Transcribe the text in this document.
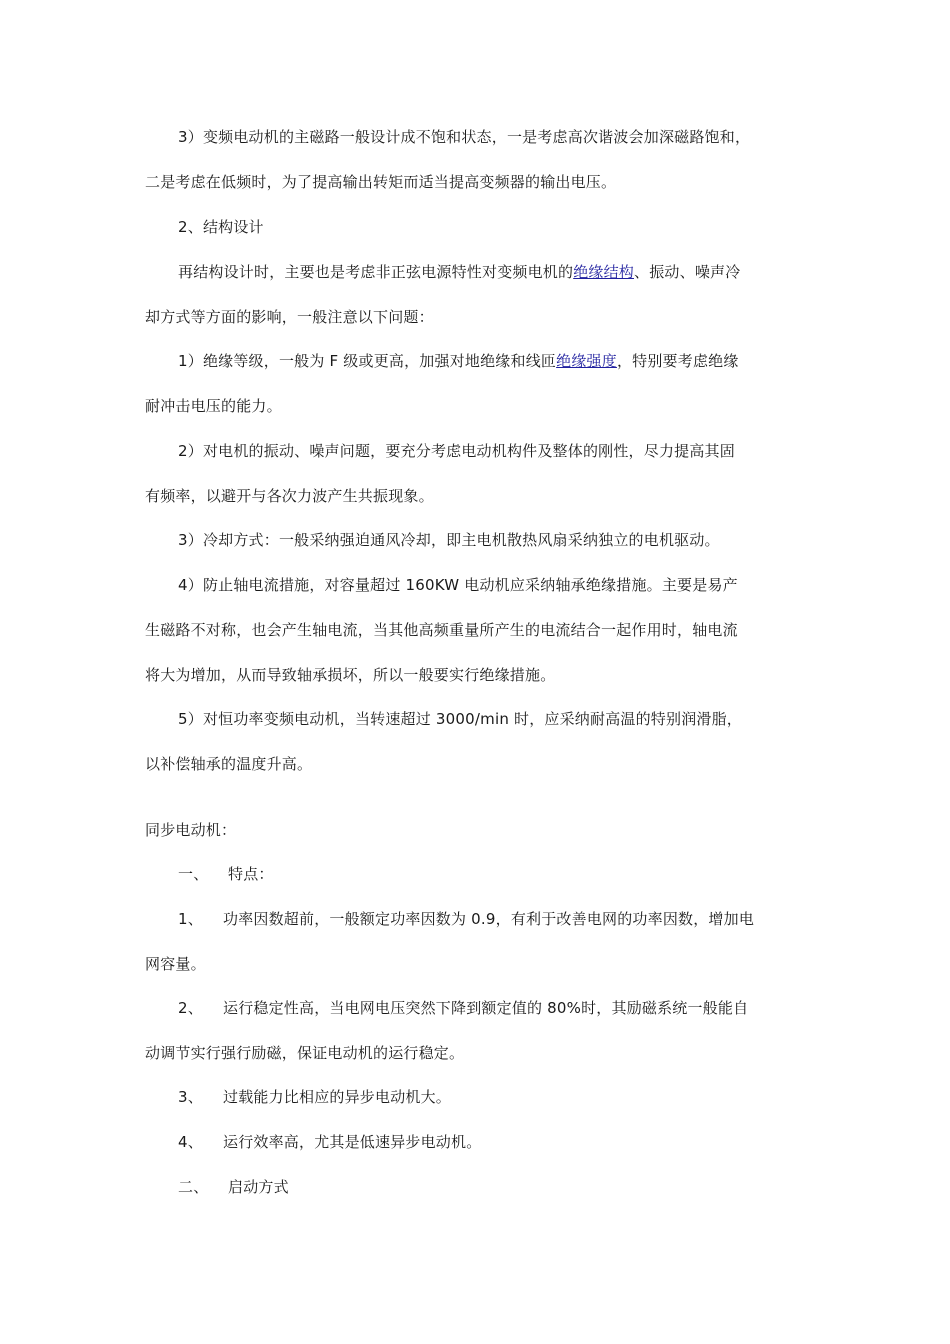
3）变频电动机的主磁路一般设计成不饱和状态，一是考虑高次谐波会加深磁路饱和，

二是考虑在低频时，为了提高输出转矩而适当提高变频器的输出电压。

2、结构设计

再结构设计时，主要也是考虑非正弦电源特性对变频电机的绝缘结构、振动、噪声冷

却方式等方面的影响，一般注意以下问题：

1）绝缘等级，一般为 F 级或更高，加强对地绝缘和线匝绝缘强度，特别要考虑绝缘

耐冲击电压的能力。

2）对电机的振动、噪声问题，要充分考虑电动机构件及整体的刚性，尽力提高其固

有频率，以避开与各次力波产生共振现象。

3）冷却方式：一般采纳强迫通风冷却，即主电机散热风扇采纳独立的电机驱动。

4）防止轴电流措施，对容量超过 160KW 电动机应采纳轴承绝缘措施。主要是易产

生磁路不对称，也会产生轴电流，当其他高频重量所产生的电流结合一起作用时，轴电流

将大为增加，从而导致轴承损坏，所以一般要实行绝缘措施。

5）对恒功率变频电动机，当转速超过 3000/min 时，应采纳耐高温的特别润滑脂，

以补偿轴承的温度升高。

同步电动机：

一、 特点：

1、 功率因数超前，一般额定功率因数为 0.9，有利于改善电网的功率因数，增加电

网容量。

2、 运行稳定性高，当电网电压突然下降到额定值的 80%时，其励磁系统一般能自

动调节实行强行励磁，保证电动机的运行稳定。

3、 过载能力比相应的异步电动机大。

4、 运行效率高，尤其是低速异步电动机。

二、 启动方式
